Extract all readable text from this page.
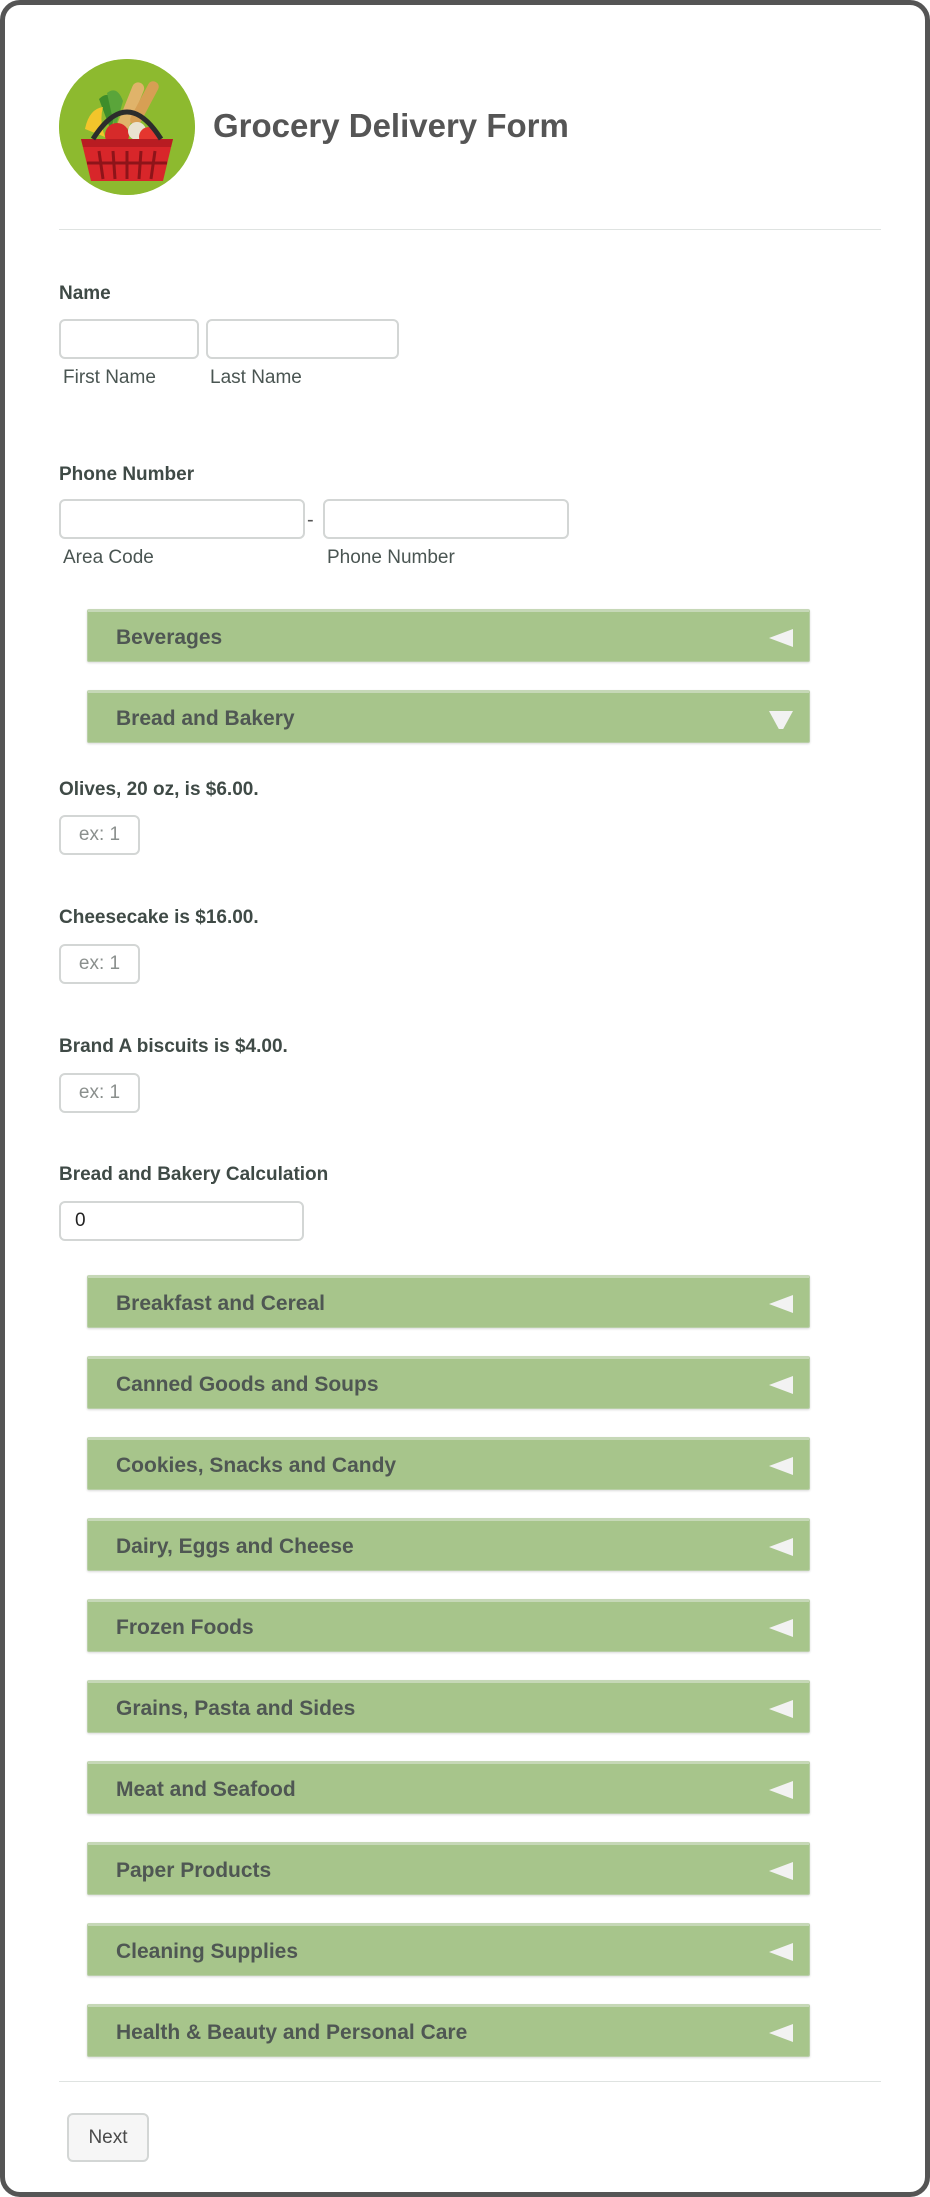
Grocery Delivery Form
Name
First Name	Last Name
Phone Number
-
Area Code	Phone Number
Beverages
Bread and Bakery
Olives, 20 oz, is $6.00.
ex: 1
Cheesecake is $16.00.
ex: 1
Brand A biscuits is $4.00.
ex: 1
Bread and Bakery Calculation
0
Breakfast and Cereal
Canned Goods and Soups
Cookies, Snacks and Candy
Dairy, Eggs and Cheese
Frozen Foods
Grains, Pasta and Sides
Meat and Seafood
Paper Products
Cleaning Supplies
Health & Beauty and Personal Care
Next
